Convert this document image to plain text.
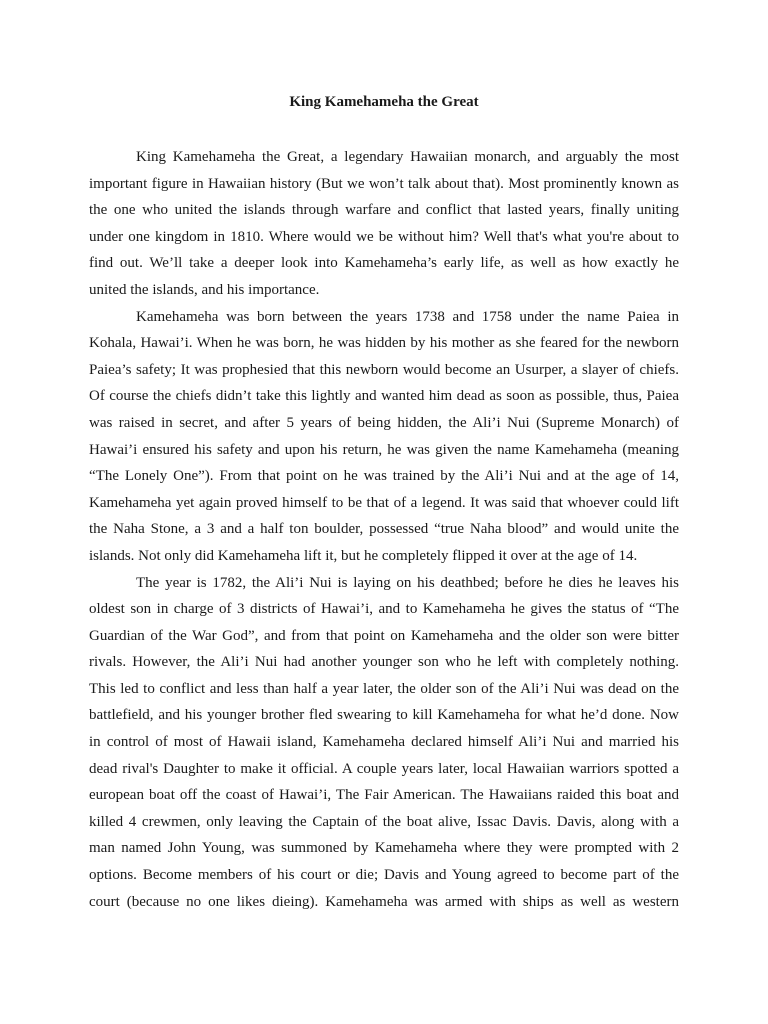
King Kamehameha the Great
King Kamehameha the Great, a legendary Hawaiian monarch, and arguably the most
important figure in Hawaiian history (But we won’t talk about that). Most prominently known as
the one who united the islands through warfare and conflict that lasted years, finally uniting
under one kingdom in 1810. Where would we be without him? Well that's what you're about to
find out. We’ll take a deeper look into Kamehameha’s early life, as well as how exactly he
united the islands, and his importance.
Kamehameha was born between the years 1738 and 1758 under the name Paiea in
Kohala, Hawai’i. When he was born, he was hidden by his mother as she feared for the newborn
Paiea’s safety; It was prophesied that this newborn would become an Usurper, a slayer of chiefs.
Of course the chiefs didn’t take this lightly and wanted him dead as soon as possible, thus, Paiea
was raised in secret, and after 5 years of being hidden, the Ali’i Nui (Supreme Monarch) of
Hawai’i ensured his safety and upon his return, he was given the name Kamehameha (meaning
“The Lonely One”). From that point on he was trained by the Ali’i Nui and at the age of 14,
Kamehameha yet again proved himself to be that of a legend. It was said that whoever could lift
the Naha Stone, a 3 and a half ton boulder, possessed “true Naha blood” and would unite the
islands. Not only did Kamehameha lift it, but he completely flipped it over at the age of 14.
The year is 1782, the Ali’i Nui is laying on his deathbed; before he dies he leaves his
oldest son in charge of 3 districts of Hawai’i, and to Kamehameha he gives the status of “The
Guardian of the War God”, and from that point on Kamehameha and the older son were bitter
rivals. However, the Ali’i Nui had another younger son who he left with completely nothing.
This led to conflict and less than half a year later, the older son of the Ali’i Nui was dead on the
battlefield, and his younger brother fled swearing to kill Kamehameha for what he’d done. Now
in control of most of Hawaii island, Kamehameha declared himself Ali’i Nui and married his
dead rival's Daughter to make it official. A couple years later, local Hawaiian warriors spotted a
european boat off the coast of Hawai’i, The Fair American. The Hawaiians raided this boat and
killed 4 crewmen, only leaving the Captain of the boat alive, Issac Davis. Davis, along with a
man named John Young, was summoned by Kamehameha where they were prompted with 2
options. Become members of his court or die; Davis and Young agreed to become part of the
court (because no one likes dieing). Kamehameha was armed with ships as well as western
